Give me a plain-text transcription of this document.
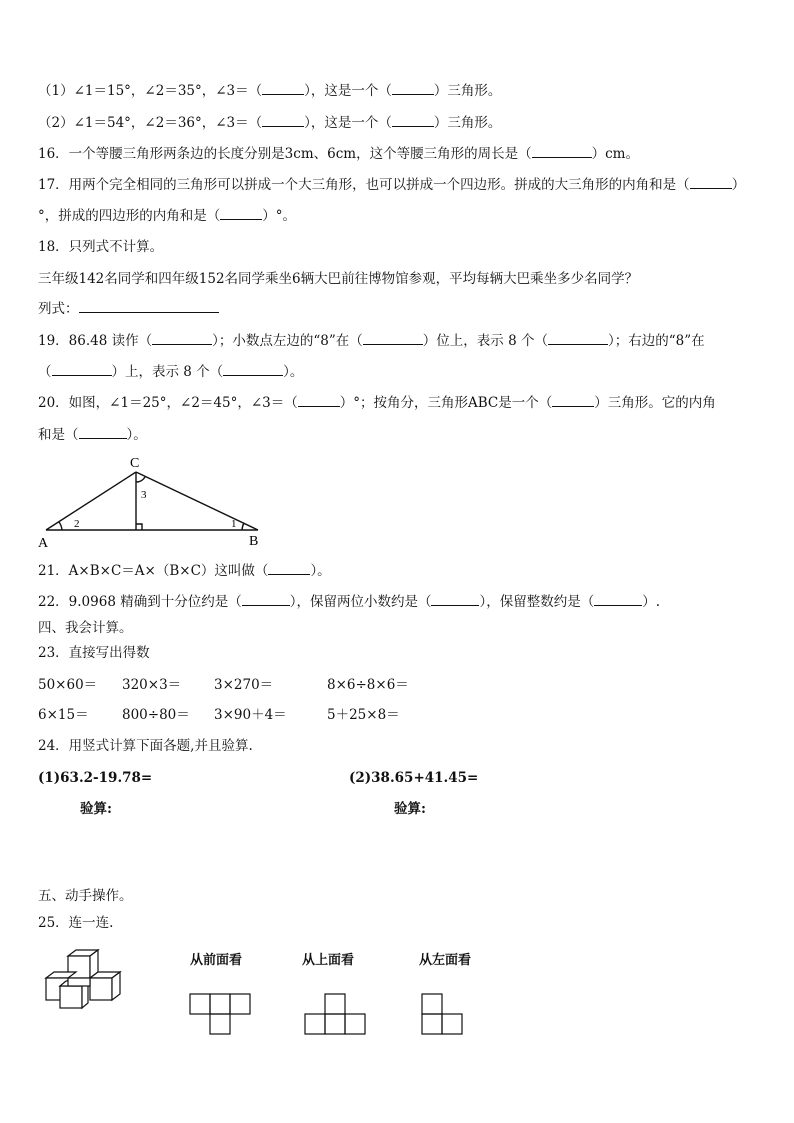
（1）∠1＝15°，∠2＝35°，∠3＝（	），这是一个（	）三角形。
（2）∠1＝54°，∠2＝36°，∠3＝（	），这是一个（	）三角形。
16．一个等腰三角形两条边的长度分别是3cm、6cm，这个等腰三角形的周长是（	）cm。
17．用两个完全相同的三角形可以拼成一个大三角形，也可以拼成一个四边形。拼成的大三角形的内角和是（	）
°，拼成的四边形的内角和是（	）°。
18．只列式不计算。
三年级142名同学和四年级152名同学乘坐6辆大巴前往博物馆参观，平均每辆大巴乘坐多少名同学？
列式：
19．86.48 读作（	）；小数点左边的“8”在（	）位上，表示 8 个（	）；右边的“8”在
（	）上，表示 8 个（	）。
20．如图，∠1＝25°，∠2＝45°，∠3＝（	）°；按角分，三角形ABC是一个（	）三角形。它的内角
和是（	）。
A	B
C
2	1
3
21．A×B×C＝A×（B×C）这叫做（	）。
22．9.0968 精确到十分位约是（	），保留两位小数约是（	），保留整数约是（	）.
四、我会计算。
23．直接写出得数
50×60＝ 320×3＝ 3×270＝	8×6÷8×6＝
6×15＝ 800÷80＝ 3×90＋4＝	5＋25×8＝
24．用竖式计算下面各题,并且验算.
(1)63.2-19.78=	(2)38.65+41.45=
验算:	验算:
五、动手操作。
25．连一连.
从前面看	从上面看	从左面看
